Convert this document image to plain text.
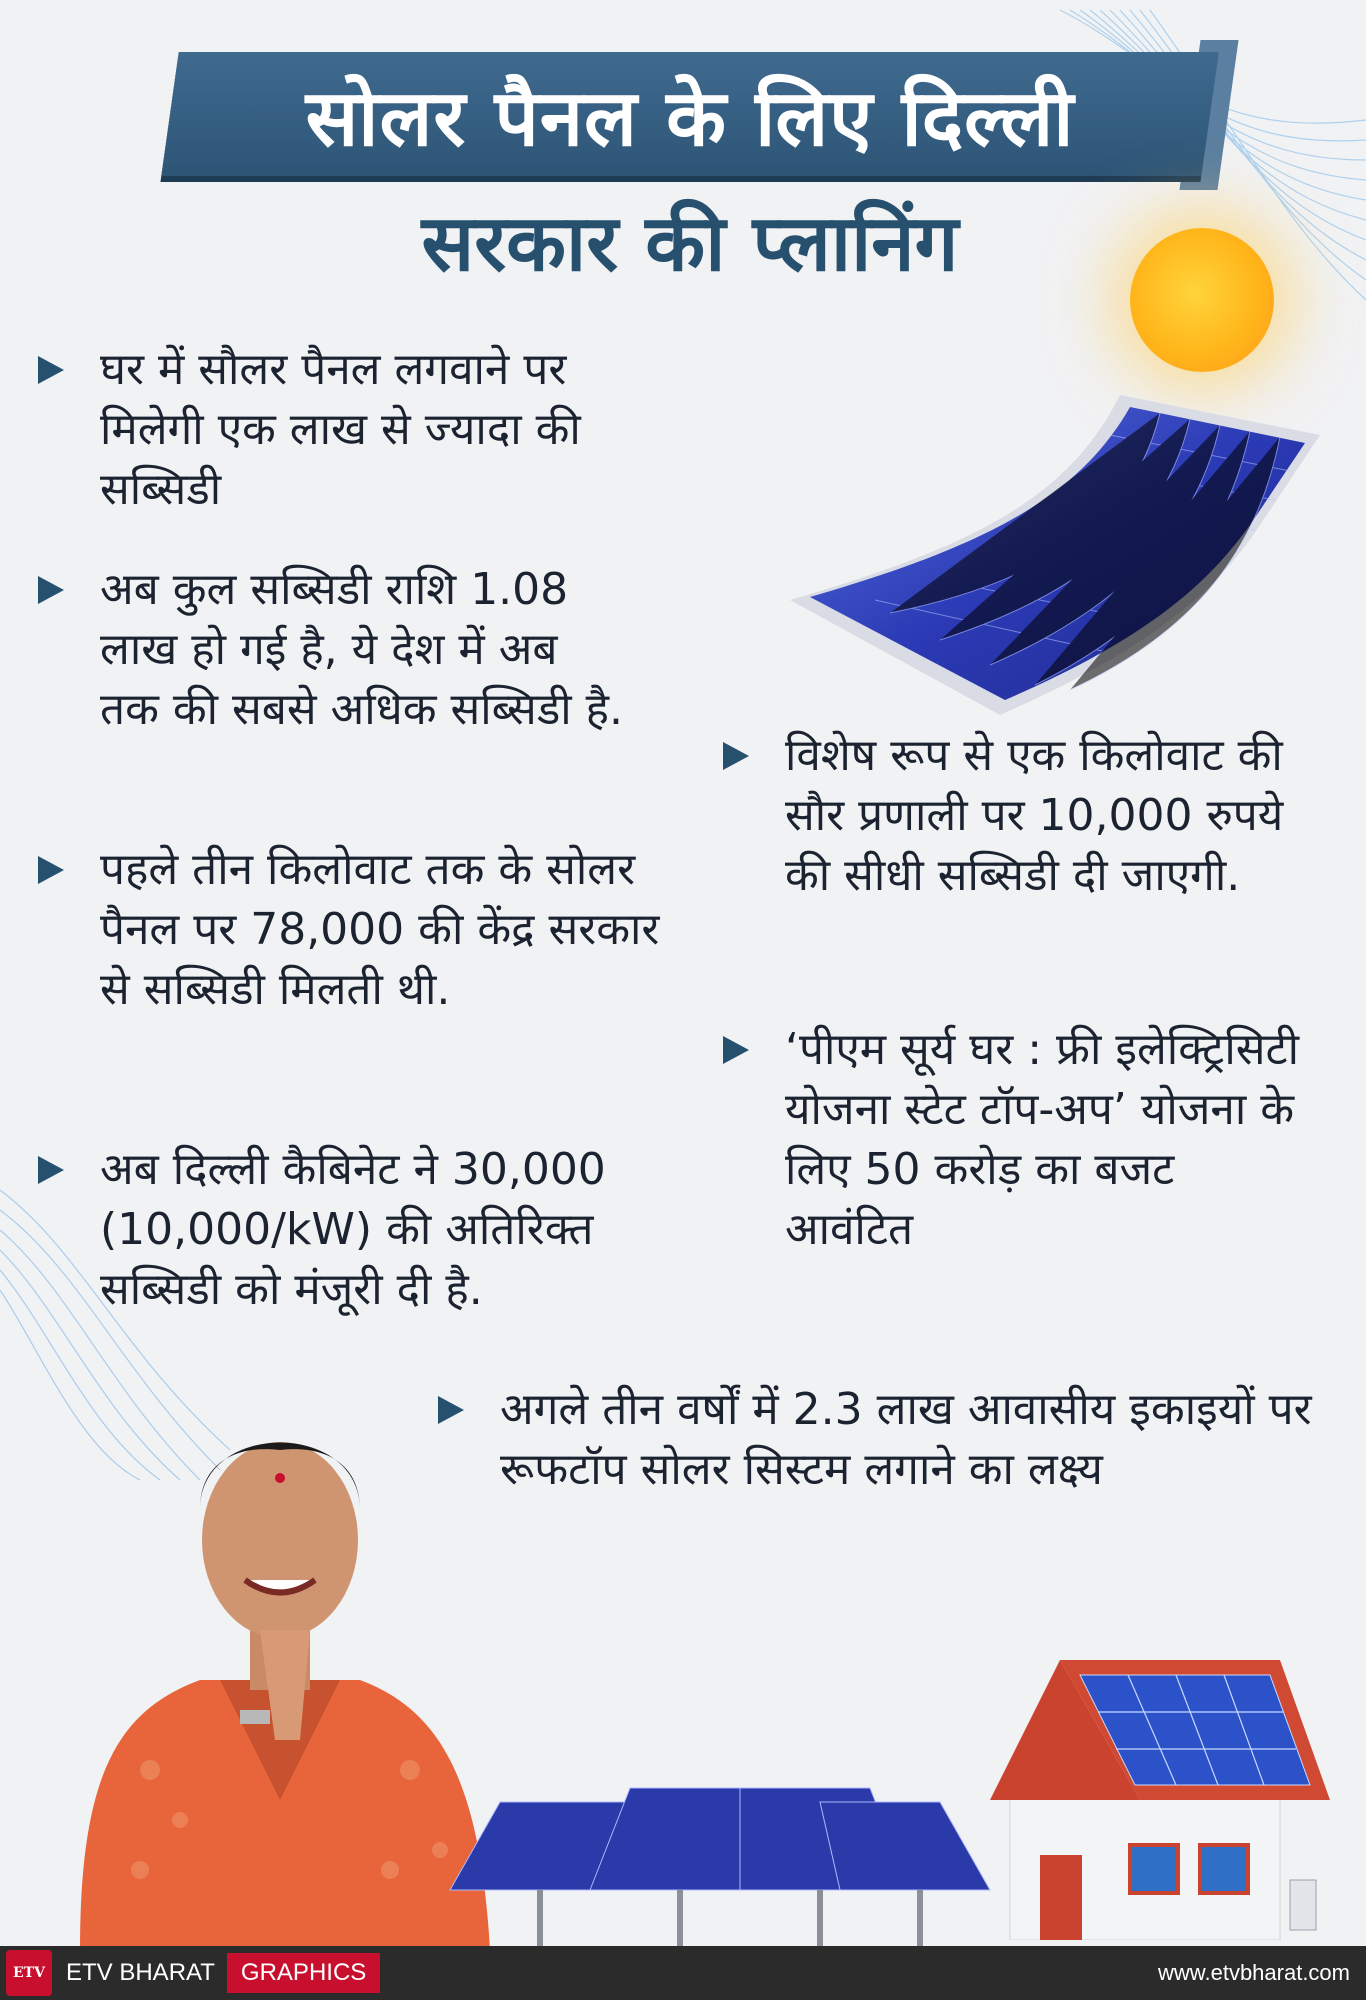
सोलर पैनल के लिए दिल्ली
सरकार की प्लानिंग
घर में सौलर पैनल लगवाने पर मिलेगी एक लाख से ज्यादा की सब्सिडी
अब कुल सब्सिडी राशि 1.08 लाख हो गई है, ये देश में अब तक की सबसे अधिक सब्सिडी है.
पहले तीन किलोवाट तक के सोलर पैनल पर 78,000 की केंद्र सरकार से सब्सिडी मिलती थी.
अब दिल्ली कैबिनेट ने 30,000 (10,000/kW) की अतिरिक्त सब्सिडी को मंजूरी दी है.
विशेष रूप से एक किलोवाट की सौर प्रणाली पर 10,000 रुपये की सीधी सब्सिडी दी जाएगी.
‘पीएम सूर्य घर : फ्री इलेक्ट्रिसिटी योजना स्टेट टॉप-अप’ योजना के लिए 50 करोड़ का बजट आवंटित
अगले तीन वर्षों में 2.3 लाख आवासीय इकाइयों पर रूफटॉप सोलर सिस्टम लगाने का लक्ष्य
ETV ETV BHARAT	GRAPHICS	www.etvbharat.com
